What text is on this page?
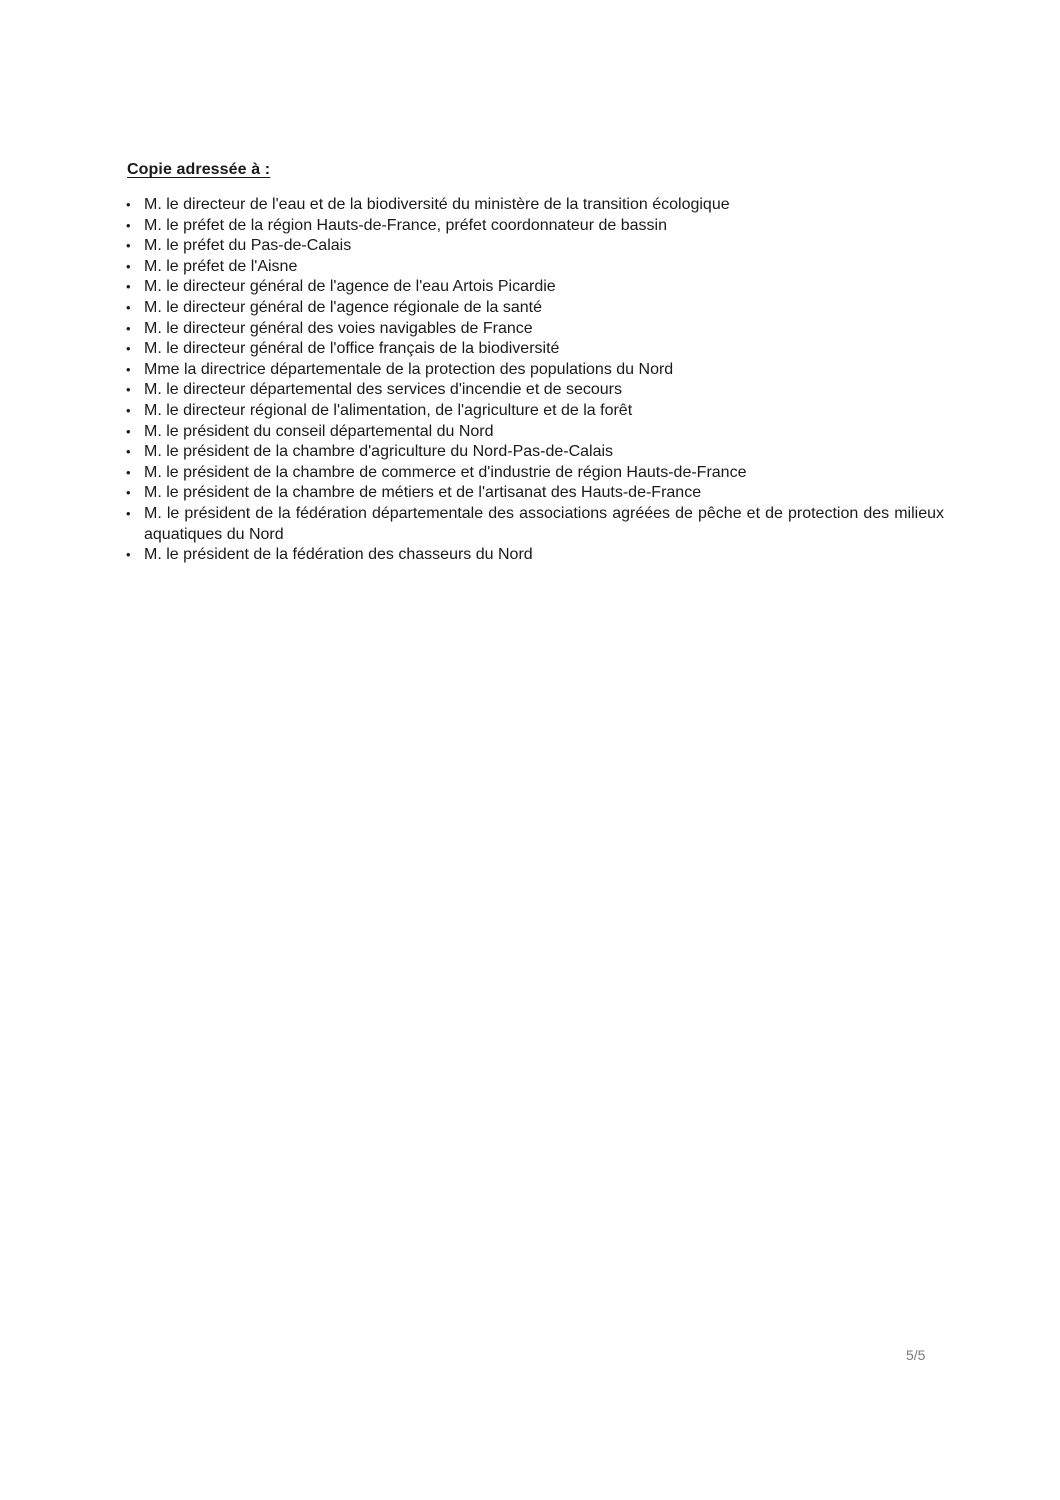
Copie adressée à :
• M. le directeur de l'eau et de la biodiversité du ministère de la transition écologique
• M. le préfet de la région Hauts-de-France, préfet coordonnateur de bassin
• M. le préfet du Pas-de-Calais
• M. le préfet de l'Aisne
• M. le directeur général de l'agence de l'eau Artois Picardie
• M. le directeur général de l'agence régionale de la santé
• M. le directeur général des voies navigables de France
• M. le directeur général de l'office français de la biodiversité
• Mme la directrice départementale de la protection des populations du Nord
• M. le directeur départemental des services d'incendie et de secours
• M. le directeur régional de l'alimentation, de l'agriculture et de la forêt
• M. le président du conseil départemental du Nord
• M. le président de la chambre d'agriculture du Nord-Pas-de-Calais
• M. le président de la chambre de commerce et d'industrie de région Hauts-de-France
• M. le président de la chambre de métiers et de l'artisanat des Hauts-de-France
• M. le président de la fédération départementale des associations agréées de pêche et de protection des milieux aquatiques du Nord
• M. le président de la fédération des chasseurs du Nord
5/5
